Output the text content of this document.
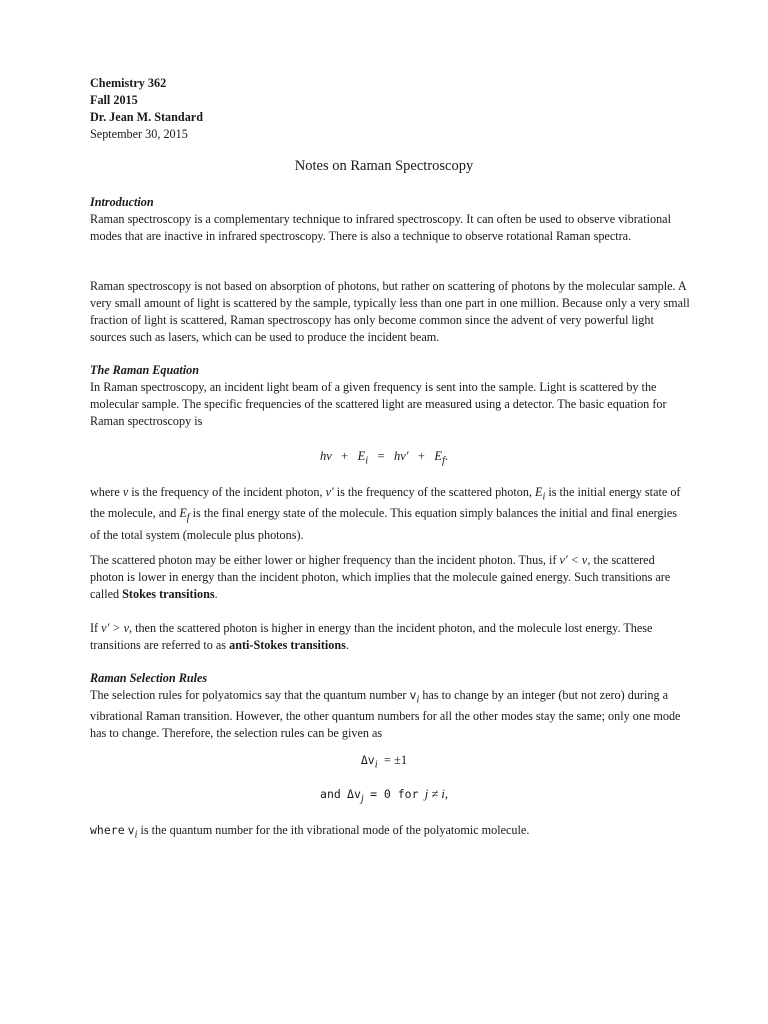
Chemistry 362
Fall 2015
Dr. Jean M. Standard
September 30, 2015
Notes on Raman Spectroscopy
Introduction

Raman spectroscopy is a complementary technique to infrared spectroscopy. It can often be used to observe vibrational modes that are inactive in infrared spectroscopy. There is also a technique to observe rotational Raman spectra.

Raman spectroscopy is not based on absorption of photons, but rather on scattering of photons by the molecular sample. A very small amount of light is scattered by the sample, typically less than one part in one million. Because only a very small fraction of light is scattered, Raman spectroscopy has only become common since the advent of very powerful light sources such as lasers, which can be used to produce the incident beam.

The Raman Equation

In Raman spectroscopy, an incident light beam of a given frequency is sent into the sample. Light is scattered by the molecular sample. The specific frequencies of the scattered light are measured using a detector. The basic equation for Raman spectroscopy is

$h\nu + E_i = h\nu' + E_f$.

where ν is the frequency of the incident photon, ν′ is the frequency of the scattered photon, $E_i$ is the initial energy state of the molecule, and $E_f$ is the final energy state of the molecule. This equation simply balances the initial and final energies of the total system (molecule plus photons).

The scattered photon may be either lower or higher frequency than the incident photon. Thus, if ν′ < ν, the scattered photon is lower in energy than the incident photon, which implies that the molecule gained energy. Such transitions are called Stokes transitions.

If ν′ > ν, then the scattered photon is higher in energy than the incident photon, and the molecule lost energy. These transitions are referred to as anti-Stokes transitions.

Raman Selection Rules

The selection rules for polyatomics say that the quantum number $v_i$ has to change by an integer (but not zero) during a vibrational Raman transition. However, the other quantum numbers for all the other modes stay the same; only one mode has to change. Therefore, the selection rules can be given as

$\Delta v_i = \pm 1$
and $\Delta v_j = 0$ for j ≠ i,

where $v_i$ is the quantum number for the ith vibrational mode of the polyatomic molecule.
